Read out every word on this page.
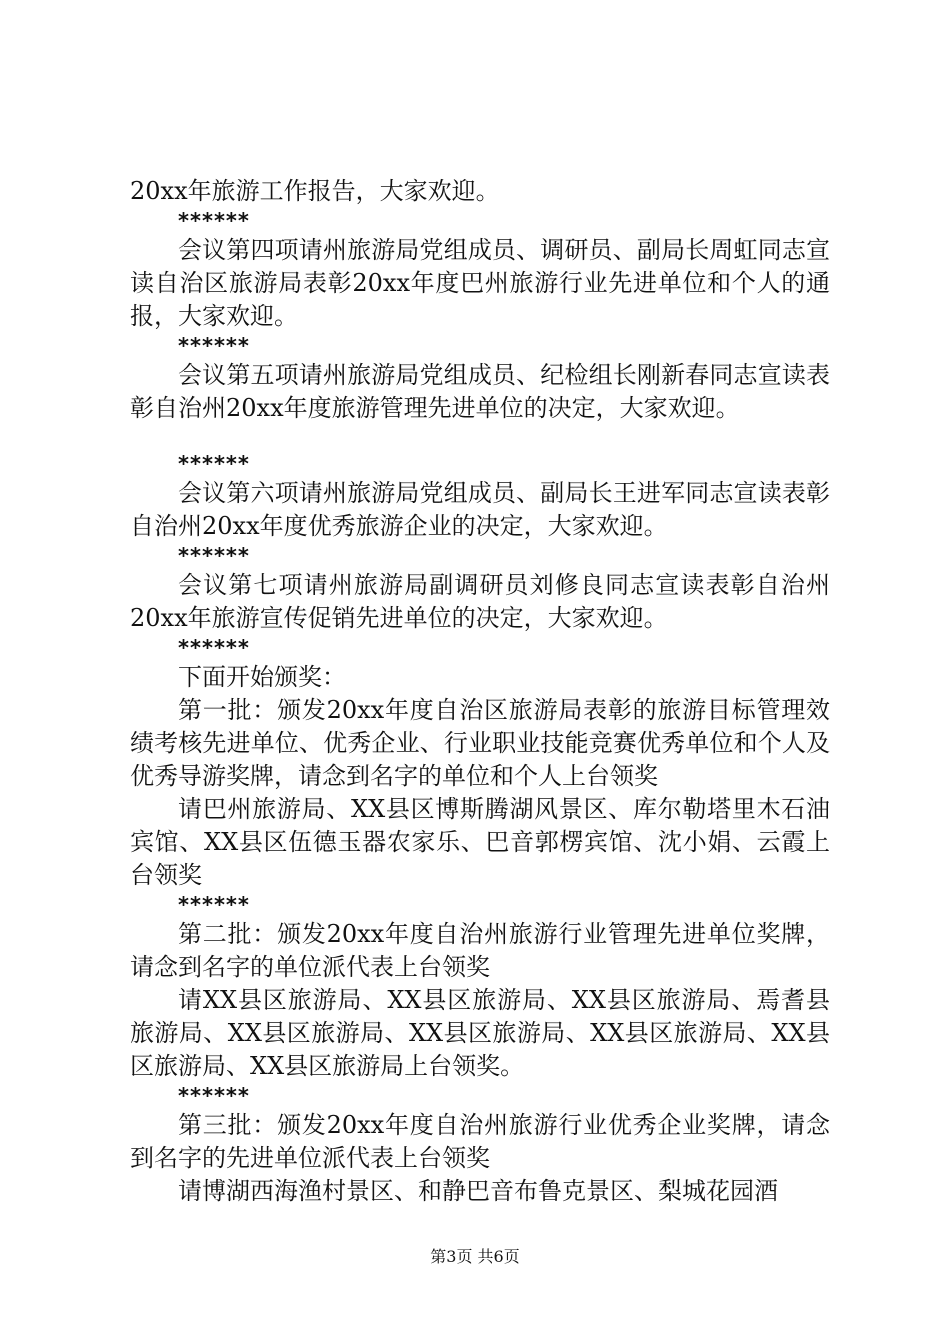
20xx年旅游工作报告，大家欢迎。

******

会议第四项请州旅游局党组成员、调研员、副局长周虹同志宣读自治区旅游局表彰20xx年度巴州旅游行业先进单位和个人的通报，大家欢迎。

******

会议第五项请州旅游局党组成员、纪检组长刚新春同志宣读表彰自治州20xx年度旅游管理先进单位的决定，大家欢迎。

******

会议第六项请州旅游局党组成员、副局长王进军同志宣读表彰自治州20xx年度优秀旅游企业的决定，大家欢迎。

******

会议第七项请州旅游局副调研员刘修良同志宣读表彰自治州20xx年旅游宣传促销先进单位的决定，大家欢迎。

******

下面开始颁奖：

第一批：颁发20xx年度自治区旅游局表彰的旅游目标管理效绩考核先进单位、优秀企业、行业职业技能竞赛优秀单位和个人及优秀导游奖牌，请念到名字的单位和个人上台领奖

请巴州旅游局、XX县区博斯腾湖风景区、库尔勒塔里木石油宾馆、XX县区伍德玉器农家乐、巴音郭楞宾馆、沈小娟、云霞上台领奖

******

第二批：颁发20xx年度自治州旅游行业管理先进单位奖牌，请念到名字的单位派代表上台领奖

请XX县区旅游局、XX县区旅游局、XX县区旅游局、焉耆县旅游局、XX县区旅游局、XX县区旅游局、XX县区旅游局、XX县区旅游局、XX县区旅游局上台领奖。

******

第三批：颁发20xx年度自治州旅游行业优秀企业奖牌，请念到名字的先进单位派代表上台领奖

请博湖西海渔村景区、和静巴音布鲁克景区、梨城花园酒

第3页 共6页
